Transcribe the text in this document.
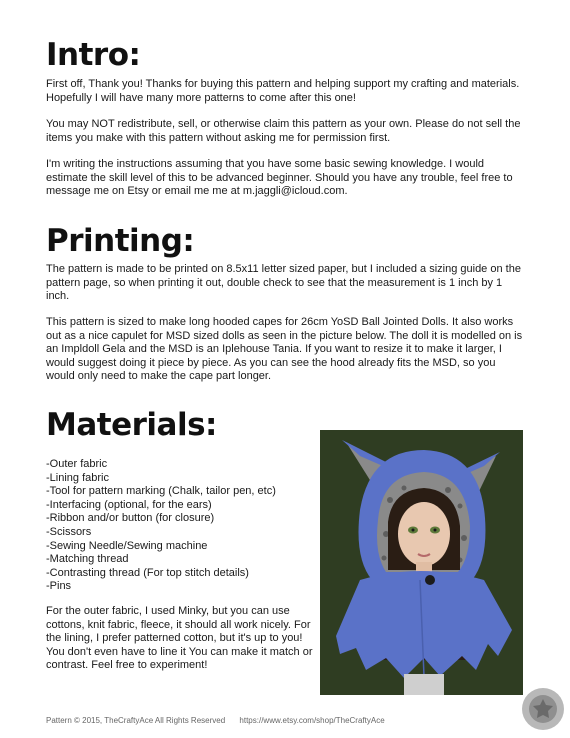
Intro:

First off, Thank you! Thanks for buying this pattern and helping support my crafting and materials. Hopefully I will have many more patterns to come after this one!

You may NOT redistribute, sell, or otherwise claim this pattern as your own. Please do not sell the items you make with this pattern without asking me for permission first.

I'm writing the instructions assuming that you have some basic sewing knowledge. I would estimate the skill level of this to be advanced beginner. Should you have any trouble, feel free to message me on Etsy or email me me at m.jaggli@icloud.com.

Printing:

The pattern is made to be printed on 8.5x11 letter sized paper, but I included a sizing guide on the pattern page, so when printing it out, double check to see that the measurement is 1 inch by 1 inch.

This pattern is sized to make long hooded capes for 26cm YoSD Ball Jointed Dolls. It also works out as a nice capulet for MSD sized dolls as seen in the picture below. The doll it is modelled on is an Impldoll Gela and the MSD is an Iplehouse Tania. If you want to resize it to make it larger, I would suggest doing it piece by piece. As you can see the hood already fits the MSD, so you would only need to make the cape part longer.

Materials:
-Outer fabric
-Lining fabric
-Tool for pattern marking (Chalk, tailor pen, etc)
-Interfacing (optional, for the ears)
-Ribbon and/or button (for closure)
-Scissors
-Sewing Needle/Sewing machine
-Matching thread
-Contrasting thread (For top stitch details)
-Pins

For the outer fabric, I used Minky, but you can use cottons, knit fabric, fleece, it should all work nicely. For the lining, I prefer patterned cotton, but it's up to you! You don't even have to line it You can make it match or contrast. Feel free to experiment!

Pattern © 2015, TheCraftyAce All Rights Reserved https://www.etsy.com/shop/TheCraftyAce
